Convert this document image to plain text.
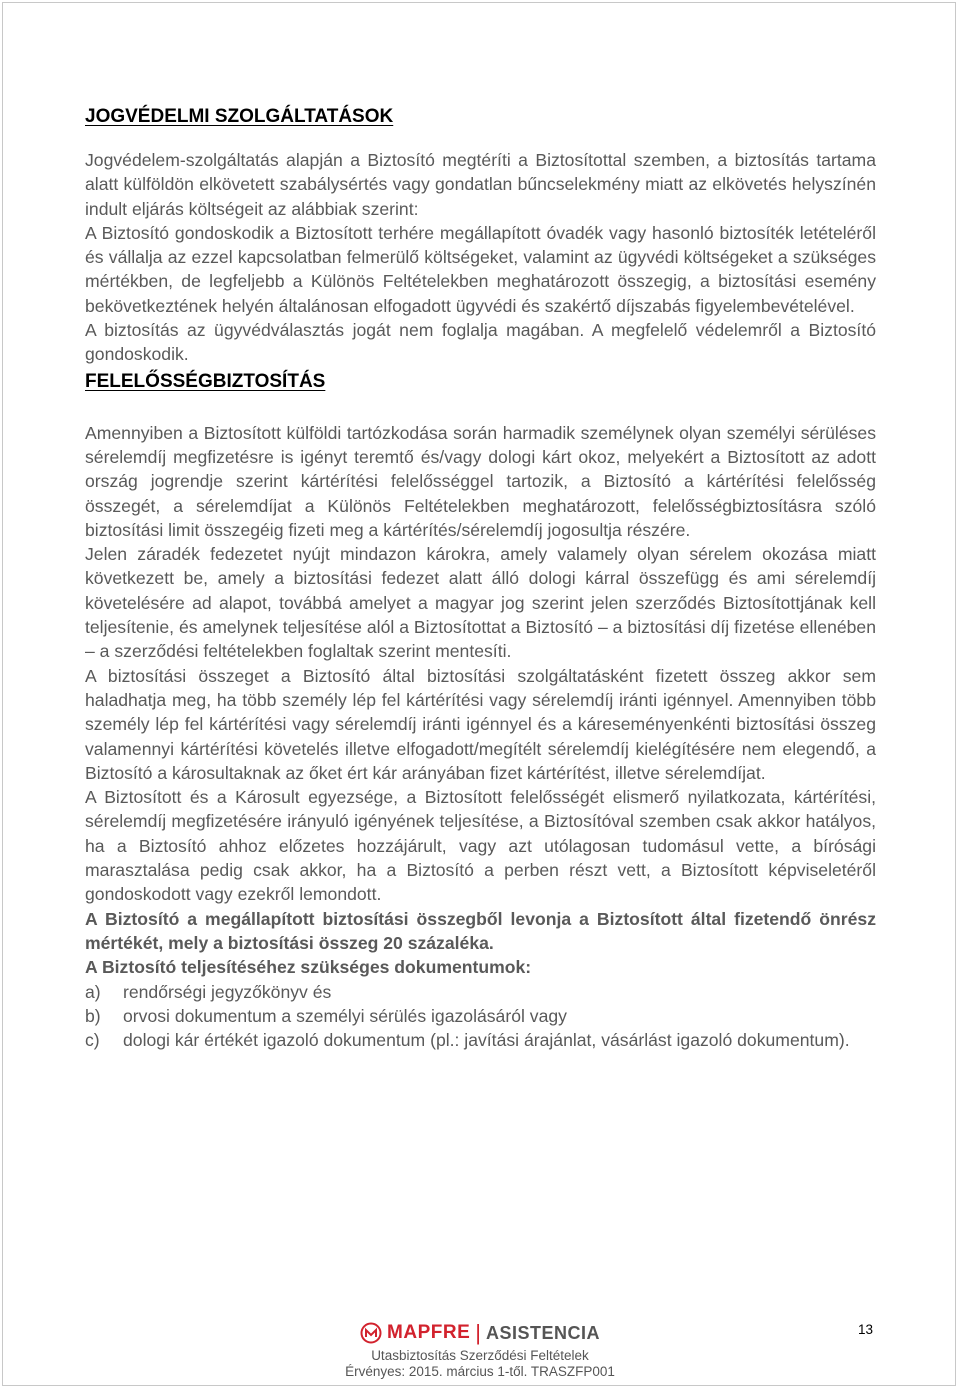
JOGVÉDELMI SZOLGÁLTATÁSOK

Jogvédelem-szolgáltatás alapján a Biztosító megtéríti a Biztosítottal szemben, a biztosítás tartama alatt külföldön elkövetett szabálysértés vagy gondatlan bűncselekmény miatt az elkövetés helyszínén indult eljárás költségeit az alábbiak szerint:

A Biztosító gondoskodik a Biztosított terhére megállapított óvadék vagy hasonló biztosíték letételéről és vállalja az ezzel kapcsolatban felmerülő költségeket, valamint az ügyvédi költségeket a szükséges mértékben, de legfeljebb a Különös Feltételekben meghatározott összegig, a biztosítási esemény bekövetkeztének helyén általánosan elfogadott ügyvédi és szakértő díjszabás figyelembevételével.

A biztosítás az ügyvédválasztás jogát nem foglalja magában. A megfelelő védelemről a Biztosító gondoskodik.

FELELŐSSÉGBIZTOSÍTÁS

Amennyiben a Biztosított külföldi tartózkodása során harmadik személynek olyan személyi sérüléses sérelemdíj megfizetésre is igényt teremtő és/vagy dologi kárt okoz, melyekért a Biztosított az adott ország jogrendje szerint kártérítési felelősséggel tartozik, a Biztosító a kártérítési felelősség összegét, a sérelemdíjat a Különös Feltételekben meghatározott, felelősségbiztosításra szóló biztosítási limit összegéig fizeti meg a kártérítés/sérelemdíj jogosultja részére.

Jelen záradék fedezetet nyújt mindazon károkra, amely valamely olyan sérelem okozása miatt következett be, amely a biztosítási fedezet alatt álló dologi kárral összefügg és ami sérelemdíj követelésére ad alapot, továbbá amelyet a magyar jog szerint jelen szerződés Biztosítottjának kell teljesítenie, és amelynek teljesítése alól a Biztosítottat a Biztosító – a biztosítási díj fizetése ellenében – a szerződési feltételekben foglaltak szerint mentesíti.

A biztosítási összeget a Biztosító által biztosítási szolgáltatásként fizetett összeg akkor sem haladhatja meg, ha több személy lép fel kártérítési vagy sérelemdíj iránti igénnyel. Amennyiben több személy lép fel kártérítési vagy sérelemdíj iránti igénnyel és a káreseményenkénti biztosítási összeg valamennyi kártérítési követelés illetve elfogadott/megítélt sérelemdíj kielégítésére nem elegendő, a Biztosító a károsultaknak az őket ért kár arányában fizet kártérítést, illetve sérelemdíjat.

A Biztosított és a Károsult egyezsége, a Biztosított felelősségét elismerő nyilatkozata, kártérítési, sérelemdíj megfizetésére irányuló igényének teljesítése, a Biztosítóval szemben csak akkor hatályos, ha a Biztosító ahhoz előzetes hozzájárult, vagy azt utólagosan tudomásul vette, a bírósági marasztalása pedig csak akkor, ha a Biztosító a perben részt vett, a Biztosított képviseletéről gondoskodott vagy ezekről lemondott.

A Biztosító a megállapított biztosítási összegből levonja a Biztosított által fizetendő önrész mértékét, mely a biztosítási összeg 20 százaléka.

A Biztosító teljesítéséhez szükséges dokumentumok:

a)	rendőrségi jegyzőkönyv és
b)	orvosi dokumentum a személyi sérülés igazolásáról vagy
c)	dologi kár értékét igazoló dokumentum (pl.: javítási árajánlat, vásárlást igazoló dokumentum).
MAPFRE | ASISTENCIA
Utasbiztosítás Szerződési Feltételek
Érvényes: 2015. március 1-től. TRASZFP001
13
